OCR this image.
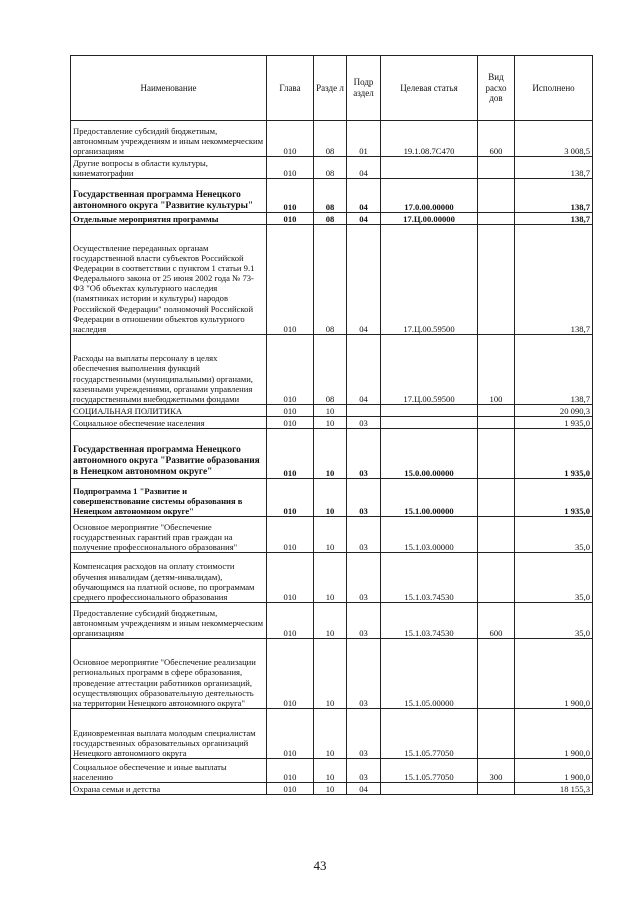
Наименование	Глава	Разде л	Подр аздел	Целевая статья	Вид расхо дов	Исполнено
Предоставление субсидий бюджетным, автономным учреждениям и иным некоммерческим организациям	010	08	01	19.1.08.7С470	600	3 008,5
Другие вопросы в области культуры, кинематографии	010	08	04			138,7
Государственная программа Ненецкого автономного округа "Развитие культуры"	010	08	04	17.0.00.00000		138,7
Отдельные мероприятия программы	010	08	04	17.Ц.00.00000		138,7
Осуществление переданных органам государственной власти субъектов Российской Федерации в соответствии с пунктом 1 статьи 9.1 Федерального закона от 25 июня 2002 года № 73-ФЗ "Об объектах культурного наследия (памятниках истории и культуры) народов Российской Федерации" полномочий Российской Федерации в отношении объектов культурного наследия	010	08	04	17.Ц.00.59500		138,7
Расходы на выплаты персоналу в целях обеспечения выполнения функций государственными (муниципальными) органами, казенными учреждениями, органами управления государственными внебюджетными фондами	010	08	04	17.Ц.00.59500	100	138,7
СОЦИАЛЬНАЯ ПОЛИТИКА	010	10				20 090,3
Социальное обеспечение населения	010	10	03			1 935,0
Государственная программа Ненецкого автономного округа "Развитие образования в Ненецком автономном округе"	010	10	03	15.0.00.00000		1 935,0
Подпрограмма 1 "Развитие и совершенствование системы образования в Ненецком автономном округе"	010	10	03	15.1.00.00000		1 935,0
Основное мероприятие "Обеспечение государственных гарантий прав граждан на получение профессионального образования"	010	10	03	15.1.03.00000		35,0
Компенсация расходов на оплату стоимости обучения инвалидам (детям-инвалидам), обучающимся на платной основе, по программам среднего профессионального образования	010	10	03	15.1.03.74530		35,0
Предоставление субсидий бюджетным, автономным учреждениям и иным некоммерческим организациям	010	10	03	15.1.03.74530	600	35,0
Основное мероприятие "Обеспечение реализации региональных программ в сфере образования, проведение аттестации работников организаций, осуществляющих образовательную деятельность на территории Ненецкого автономного округа"	010	10	03	15.1.05.00000		1 900,0
Единовременная выплата молодым специалистам государственных образовательных организаций Ненецкого автономного округа	010	10	03	15.1.05.77050		1 900,0
Социальное обеспечение и иные выплаты населению	010	10	03	15.1.05.77050	300	1 900,0
Охрана семьи и детства	010	10	04			18 155,3
43
